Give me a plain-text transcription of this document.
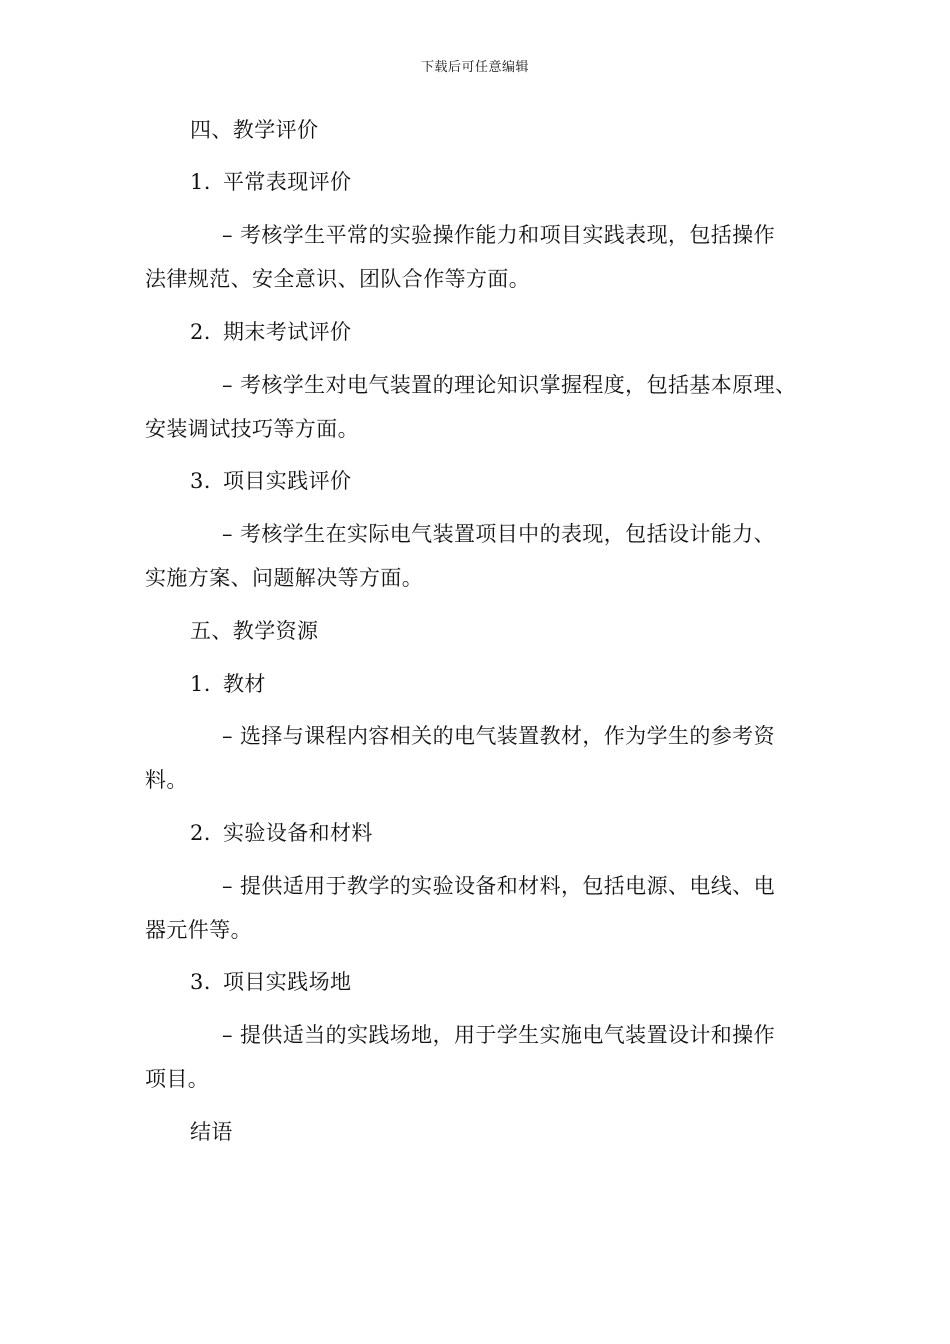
下载后可任意编辑
四、教学评价
1. 平常表现评价
– 考核学生平常的实验操作能力和项目实践表现，包括操作
法律规范、安全意识、团队合作等方面。
2. 期末考试评价
– 考核学生对电气装置的理论知识掌握程度，包括基本原理、
安装调试技巧等方面。
3. 项目实践评价
– 考核学生在实际电气装置项目中的表现，包括设计能力、
实施方案、问题解决等方面。
五、教学资源
1. 教材
– 选择与课程内容相关的电气装置教材，作为学生的参考资
料。
2. 实验设备和材料
– 提供适用于教学的实验设备和材料，包括电源、电线、电
器元件等。
3. 项目实践场地
– 提供适当的实践场地，用于学生实施电气装置设计和操作
项目。
结语
